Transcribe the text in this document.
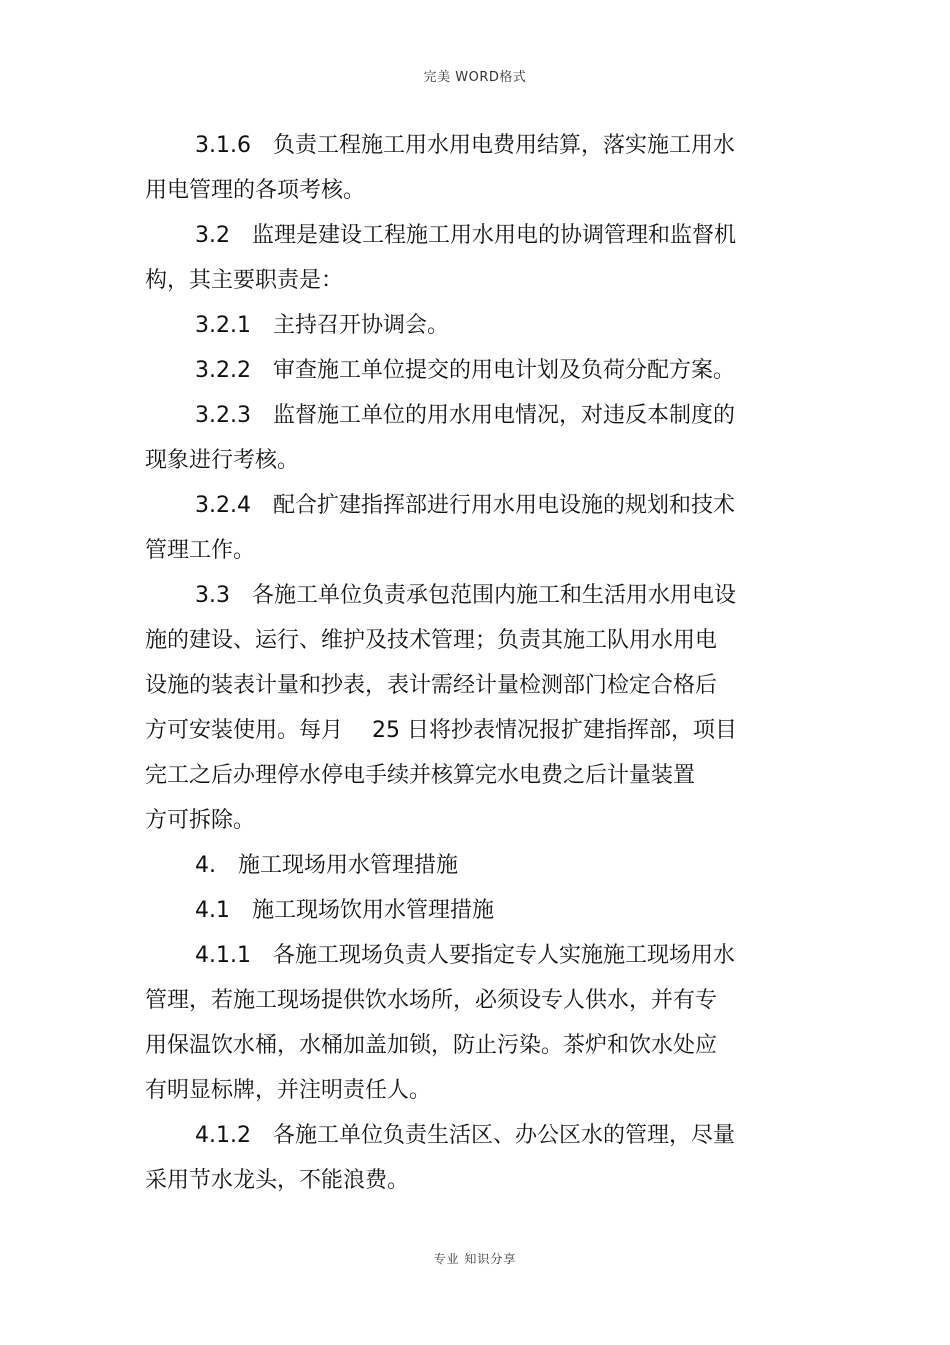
完美 WORD格式
3.1.6　负责工程施工用水用电费用结算，落实施工用水
用电管理的各项考核。
3.2　监理是建设工程施工用水用电的协调管理和监督机
构，其主要职责是：
3.2.1　主持召开协调会。
3.2.2　审查施工单位提交的用电计划及负荷分配方案。
3.2.3　监督施工单位的用水用电情况，对违反本制度的
现象进行考核。
3.2.4　配合扩建指挥部进行用水用电设施的规划和技术
管理工作。
3.3　各施工单位负责承包范围内施工和生活用水用电设
施的建设、运行、维护及技术管理；负责其施工队用水用电
设施的装表计量和抄表，表计需经计量检测部门检定合格后
方可安装使用。每月　 25 日将抄表情况报扩建指挥部，项目
完工之后办理停水停电手续并核算完水电费之后计量装置
方可拆除。
4.　施工现场用水管理措施
4.1　施工现场饮用水管理措施
4.1.1　各施工现场负责人要指定专人实施施工现场用水
管理，若施工现场提供饮水场所，必须设专人供水，并有专
用保温饮水桶，水桶加盖加锁，防止污染。茶炉和饮水处应
有明显标牌，并注明责任人。
4.1.2　各施工单位负责生活区、办公区水的管理，尽量
采用节水龙头，不能浪费。
专业 知识分享
